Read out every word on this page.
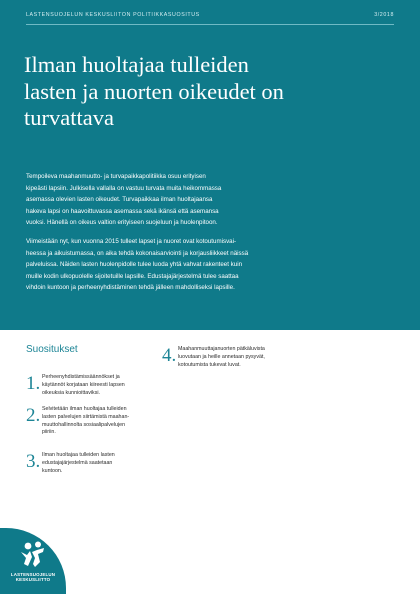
LASTENSUOJELUN KESKUSLIITON POLITIIKKASUOSITUS	3/2018
Ilman huoltajaa tulleiden
lasten ja nuorten oikeudet on
turvattava

Tempoileva maahanmuutto- ja turvapaikkapolitiikka osuu erityisen
kipeästi lapsiin. Julkisella vallalla on vastuu turvata muita heikommassa
asemassa olevien lasten oikeudet. Turvapaikkaa ilman huoltajaansa
hakeva lapsi on haavoittuvassa asemassa sekä ikänsä että asemansa
vuoksi. Hänellä on oikeus valtion erityiseen suojeluun ja huolenpitoon.

Viimeistään nyt, kun vuonna 2015 tulleet lapset ja nuoret ovat kotoutumisvai-
heessa ja aikuistumassa, on aika tehdä kokonaisarviointi ja korjausliikkeet näissä
palveluissa. Näiden lasten huolenpidolle tulee luoda yhtä vahvat rakenteet kuin
muille kodin ulkopuolelle sijoitetuille lapsille. Edustajajärjestelmä tulee saattaa
vihdoin kuntoon ja perheenyhdistäminen tehdä jälleen mahdolliseksi lapsille.

Suositukset
1. Perheenyhdistämissäännökset ja
käytännöt korjataan kiireesti lapsen
oikeuksia kunnioittaviksi.
2. Selvitetään ilman huoltajaa tulleiden
lasten palvelujen siirtämistä maahan-
muuttohallinnolta sosiaalipalvelujen
piiriin.
3. Ilman huoltajaa tulleiden lasten
edustajajärjestelmä saatetaan
kuntoon.
4. Maahanmuuttajanuorten pätkäluvista
luovutaan ja heille annetaan pysyvät,
kotoutumista tukevat luvat.
LASTENSUOJELUN
KESKUSLIITTO
